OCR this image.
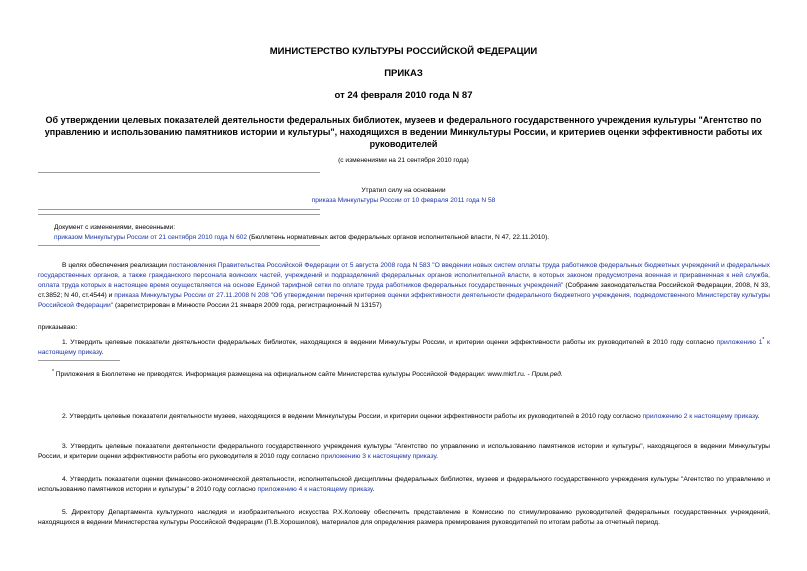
МИНИСТЕРСТВО КУЛЬТУРЫ РОССИЙСКОЙ ФЕДЕРАЦИИ
ПРИКАЗ
от 24 февраля 2010 года N 87
Об утверждении целевых показателей деятельности федеральных библиотек, музеев и федерального государственного учреждения культуры "Агентство по управлению и использованию памятников истории и культуры", находящихся в ведении Минкультуры России, и критериев оценки эффективности работы их руководителей
(с изменениями на 21 сентября 2010 года)
Утратил силу на основании
приказа Минкультуры России от 10 февраля 2011 года N 58
Документ с изменениями, внесенными:
приказом Минкультуры России от 21 сентября 2010 года N 602 (Бюллетень нормативных актов федеральных органов исполнительной власти, N 47, 22.11.2010).
В целях обеспечения реализации постановления Правительства Российской Федерации от 5 августа 2008 года N 583 "О введении новых систем оплаты труда работников федеральных бюджетных учреждений и федеральных государственных органов, а также гражданского персонала воинских частей, учреждений и подразделений федеральных органов исполнительной власти, в которых законом предусмотрена военная и приравненная к ней служба, оплата труда которых в настоящее время осуществляется на основе Единой тарифной сетки по оплате труда работников федеральных государственных учреждений" (Собрание законодательства Российской Федерации, 2008, N 33, ст.3852; N 40, ст.4544) и приказа Минкультуры России от 27.11.2008 N 208 "Об утверждении перечня критериев оценки эффективности деятельности федерального бюджетного учреждения, подведомственного Министерству культуры Российской Федерации" (зарегистрирован в Минюсте России 21 января 2009 года, регистрационный N 13157)
приказываю:
1. Утвердить целевые показатели деятельности федеральных библиотек, находящихся в ведении Минкультуры России, и критерии оценки эффективности работы их руководителей в 2010 году согласно приложению 1* к настоящему приказу.
* Приложения в Бюллетене не приводятся. Информация размещена на официальном сайте Министерства культуры Российской Федерации: www.mkrf.ru. - Прим.ред.
2. Утвердить целевые показатели деятельности музеев, находящихся в ведении Минкультуры России, и критерии оценки эффективности работы их руководителей в 2010 году согласно приложению 2 к настоящему приказу.
3. Утвердить целевые показатели деятельности федерального государственного учреждения культуры "Агентство по управлению и использованию памятников истории и культуры", находящегося в ведении Минкультуры России, и критерии оценки эффективности работы его руководителя в 2010 году согласно приложению 3 к настоящему приказу.
4. Утвердить показатели оценки финансово-экономической деятельности, исполнительской дисциплины федеральных библиотек, музеев и федерального государственного учреждения культуры "Агентство по управлению и использованию памятников истории и культуры" в 2010 году согласно приложению 4 к настоящему приказу.
5. Директору Департамента культурного наследия и изобразительного искусства Р.Х.Колоеву обеспечить представление в Комиссию по стимулированию руководителей федеральных государственных учреждений, находящихся в ведении Министерства культуры Российской Федерации (П.В.Хорошилов), материалов для определения размера премирования руководителей по итогам работы за отчетный период.
